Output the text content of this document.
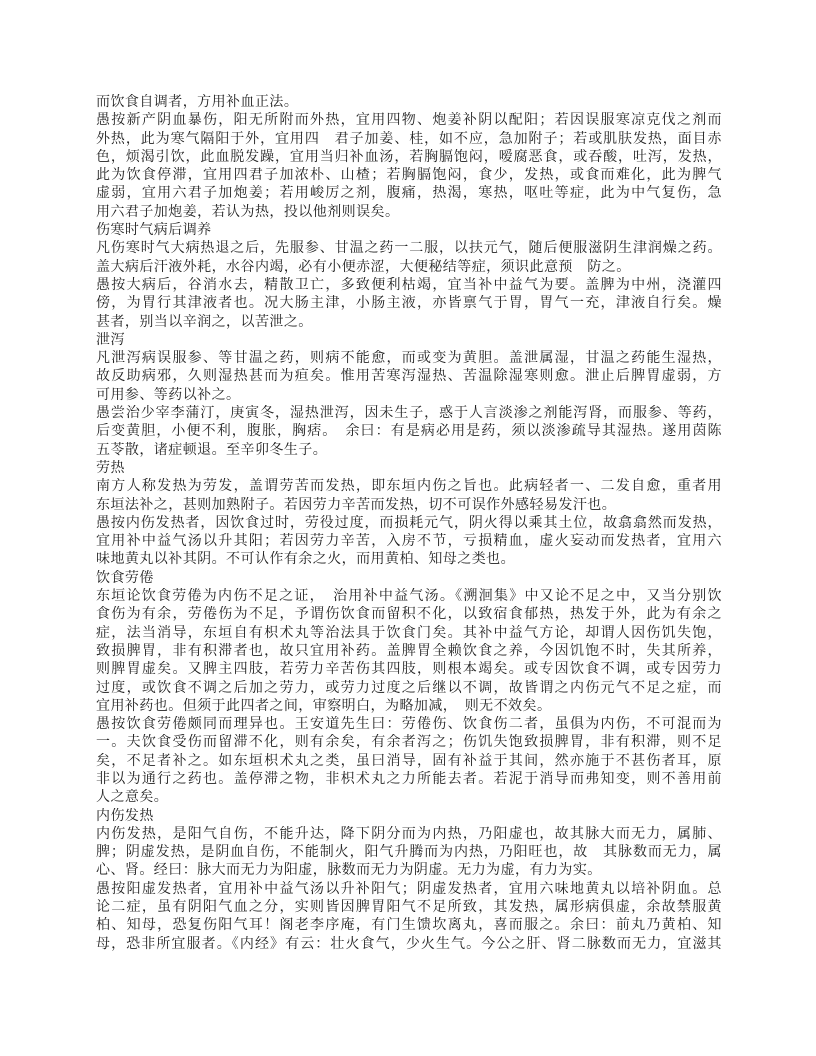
而饮食自调者，方用补血正法。
愚按新产阴血暴伤，阳无所附而外热，宜用四物、炮姜补阴以配阳；若因误服寒凉克伐之剂而
外热，此为寒气隔阳于外，宜用四　君子加姜、桂，如不应，急加附子；若或肌肤发热，面目赤
色，烦渴引饮，此血脱发躁，宜用当归补血汤，若胸膈饱闷，嗳腐恶食，或吞酸，吐泻，发热，
此为饮食停滞，宜用四君子加浓朴、山楂；若胸膈饱闷，食少，发热，或食而难化，此为脾气
虚弱，宜用六君子加炮姜；若用峻厉之剂，腹痛，热渴，寒热，呕吐等症，此为中气复伤，急
用六君子加炮姜，若认为热，投以他剂则误矣。
伤寒时气病后调养
凡伤寒时气大病热退之后，先服参、甘温之药一二服，以扶元气，随后便服滋阴生津润燥之药。
盖大病后汗液外耗，水谷内竭，必有小便赤涩，大便秘结等症，须识此意预　防之。
愚按大病后，谷消水去，精散卫亡，多致便利枯竭，宜当补中益气为要。盖脾为中州，浇灌四
傍，为胃行其津液者也。况大肠主津，小肠主液，亦皆禀气于胃，胃气一充，津液自行矣。燥
甚者，别当以辛润之，以苦泄之。
泄泻
凡泄泻病误服参、等甘温之药，则病不能愈，而或变为黄胆。盖泄属湿，甘温之药能生湿热，
故反助病邪，久则湿热甚而为疸矣。惟用苦寒泻湿热、苦温除湿寒则愈。泄止后脾胃虚弱，方
可用参、等药以补之。
愚尝治少宰李蒲汀，庚寅冬，湿热泄泻，因未生子，惑于人言淡渗之剂能泻肾，而服参、等药，
后变黄胆，小便不利，腹胀，胸痞。　余曰：有是病必用是药，须以淡渗疏导其湿热。遂用茵陈
五苓散，诸症顿退。至辛卯冬生子。
劳热
南方人称发热为劳发，盖谓劳苦而发热，即东垣内伤之旨也。此病轻者一、二发自愈，重者用
东垣法补之，甚则加熟附子。若因劳力辛苦而发热，切不可误作外感轻易发汗也。
愚按内伤发热者，因饮食过时，劳役过度，而损耗元气，阴火得以乘其土位，故翕翕然而发热，
宜用补中益气汤以升其阳；若因劳力辛苦，入房不节，亏损精血，虚火妄动而发热者，宜用六
味地黄丸以补其阴。不可认作有余之火，而用黄柏、知母之类也。
饮食劳倦
东垣论饮食劳倦为内伤不足之证，　治用补中益气汤。《溯洄集》中又论不足之中，又当分别饮
食伤为有余，劳倦伤为不足，予谓伤饮食而留积不化，以致宿食郁热，热发于外，此为有余之
症，法当消导，东垣自有枳术丸等治法具于饮食门矣。其补中益气方论，却谓人因伤饥失饱，
致损脾胃，非有积滞者也，故只宜用补药。盖脾胃全赖饮食之养，今因饥饱不时，失其所养，
则脾胃虚矣。又脾主四肢，若劳力辛苦伤其四肢，则根本竭矣。或专因饮食不调，或专因劳力
过度，或饮食不调之后加之劳力，或劳力过度之后继以不调，故皆谓之内伤元气不足之症，而
宜用补药也。但须于此四者之间，审察明白，为略加减，　则无不效矣。
愚按饮食劳倦颇同而理异也。王安道先生曰：劳倦伤、饮食伤二者，虽俱为内伤，不可混而为
一。夫饮食受伤而留滞不化，则有余矣，有余者泻之；伤饥失饱致损脾胃，非有积滞，则不足
矣，不足者补之。如东垣枳术丸之类，虽曰消导，固有补益于其间，然亦施于不甚伤者耳，原
非以为通行之药也。盖停滞之物，非枳术丸之力所能去者。若泥于消导而弗知变，则不善用前
人之意矣。
内伤发热
内伤发热，是阳气自伤，不能升达，降下阴分而为内热，乃阳虚也，故其脉大而无力，属肺、
脾；阴虚发热，是阴血自伤，不能制火，阳气升腾而为内热，乃阳旺也，故　其脉数而无力，属
心、肾。经曰：脉大而无力为阳虚，脉数而无力为阴虚。无力为虚，有力为实。
愚按阳虚发热者，宜用补中益气汤以升补阳气；阴虚发热者，宜用六味地黄丸以培补阴血。总
论二症，虽有阴阳气血之分，实则皆因脾胃阳气不足所致，其发热，属形病俱虚，余故禁服黄
柏、知母，恐复伤阳气耳！阁老李序庵，有门生馈坎离丸，喜而服之。余曰：前丸乃黄柏、知
母，恐非所宜服者。《内经》有云：壮火食气，少火生气。今公之肝、肾二脉数而无力，宜滋其
